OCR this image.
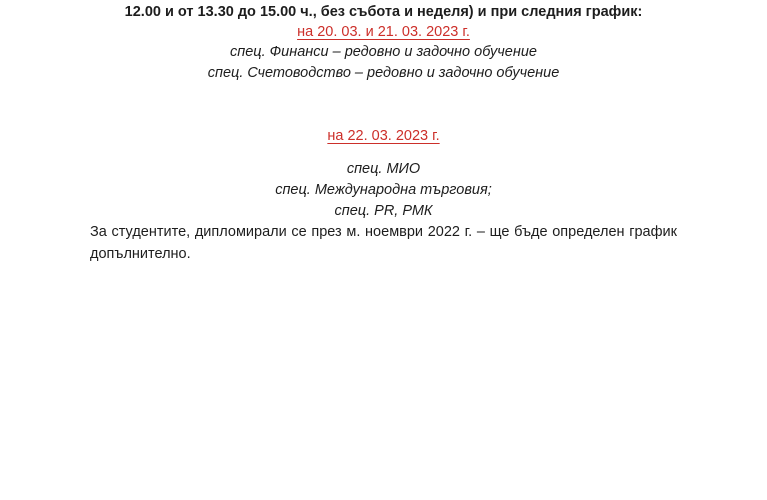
12.00 и от 13.30 до 15.00 ч., без събота и неделя) и при следния график:

на 20. 03. и 21. 03. 2023 г.

спец. Финанси – редовно и задочно обучение

спец. Счетоводство – редовно и задочно обучение

на 22. 03. 2023 г.

спец. МИО

спец. Международна търговия;

спец. PR, РМК

За студентите, дипломирали се през м. ноември 2022 г. – ще бъде определен график допълнително.
